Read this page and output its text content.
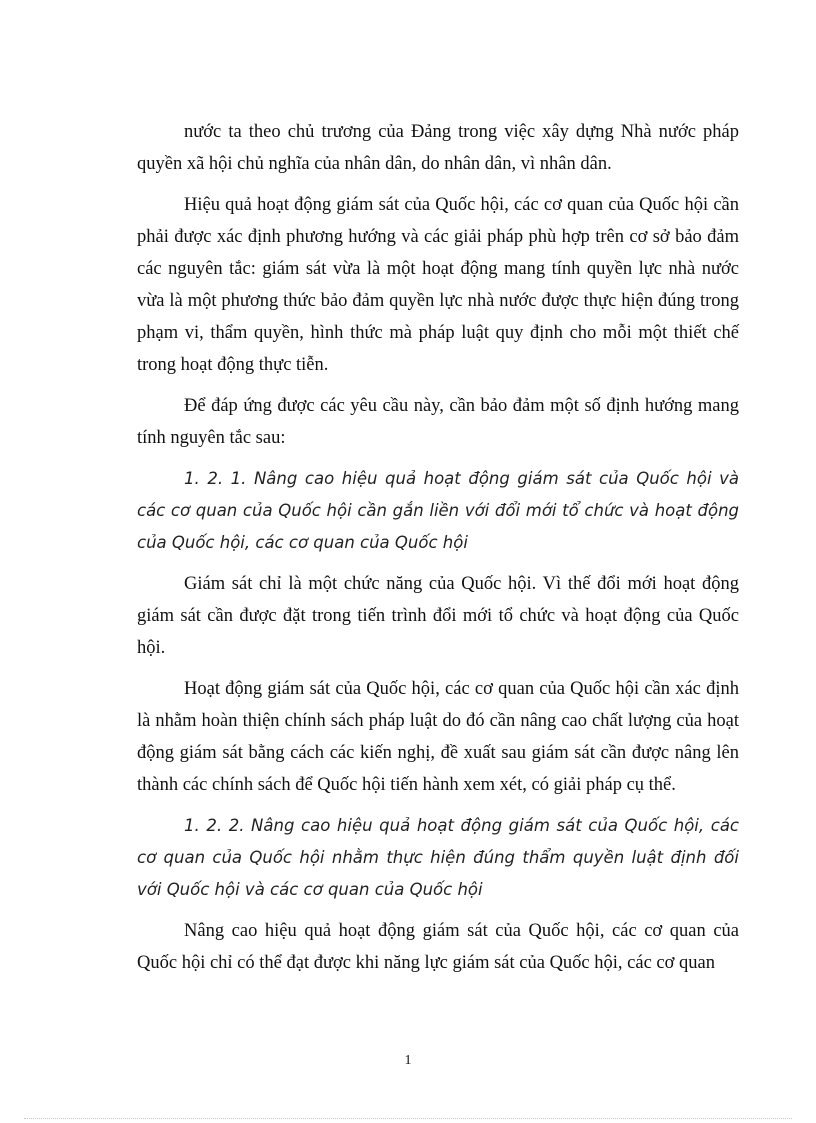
nước ta theo chủ trương của Đảng trong việc xây dựng Nhà nước pháp quyền xã hội chủ nghĩa của nhân dân, do nhân dân, vì nhân dân.

Hiệu quả hoạt động giám sát của Quốc hội, các cơ quan của Quốc hội cần phải được xác định phương hướng và các giải pháp phù hợp trên cơ sở bảo đảm các nguyên tắc: giám sát vừa là một hoạt động mang tính quyền lực nhà nước vừa là một phương thức bảo đảm quyền lực nhà nước được thực hiện đúng trong phạm vi, thẩm quyền, hình thức mà pháp luật quy định cho mỗi một thiết chế trong hoạt động thực tiễn.

Để đáp ứng được các yêu cầu này, cần bảo đảm một số định hướng mang tính nguyên tắc sau:

1. 2. 1. Nâng cao hiệu quả hoạt động giám sát của Quốc hội và các cơ quan của Quốc hội cần gắn liền với đổi mới tổ chức và hoạt động của Quốc hội, các cơ quan của Quốc hội

Giám sát chỉ là một chức năng của Quốc hội. Vì thế đổi mới hoạt động giám sát cần được đặt trong tiến trình đổi mới tổ chức và hoạt động của Quốc hội.

Hoạt động giám sát của Quốc hội, các cơ quan của Quốc hội cần xác định là nhằm hoàn thiện chính sách pháp luật do đó cần nâng cao chất lượng của hoạt động giám sát bằng cách các kiến nghị, đề xuất sau giám sát cần được nâng lên thành các chính sách để Quốc hội tiến hành xem xét, có giải pháp cụ thể.

1. 2. 2. Nâng cao hiệu quả hoạt động giám sát của Quốc hội, các cơ quan của Quốc hội nhằm thực hiện đúng thẩm quyền luật định đối với Quốc hội và các cơ quan của Quốc hội

Nâng cao hiệu quả hoạt động giám sát của Quốc hội, các cơ quan của Quốc hội chỉ có thể đạt được khi năng lực giám sát của Quốc hội, các cơ quan

1
